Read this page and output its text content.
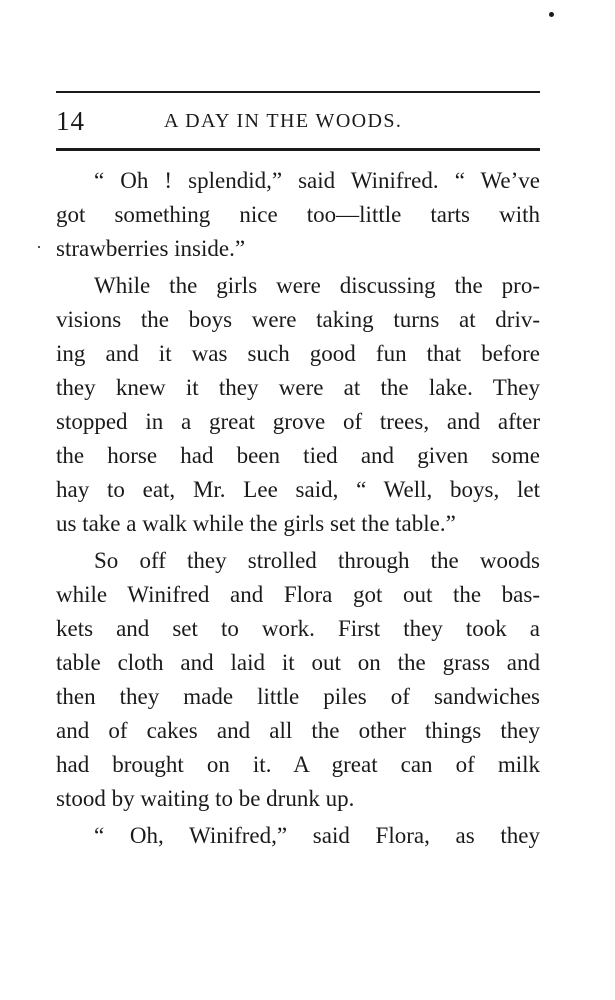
14	A DAY IN THE WOODS.
“ Oh ! splendid,” said Winifred. “ We’ve
got something nice too—little tarts with
strawberries inside.”
While the girls were discussing the pro-
visions the boys were taking turns at driv-
ing and it was such good fun that before
they knew it they were at the lake. They
stopped in a great grove of trees, and after
the horse had been tied and given some
hay to eat, Mr. Lee said, “ Well, boys, let
us take a walk while the girls set the table.”
So off they strolled through the woods
while Winifred and Flora got out the bas-
kets and set to work. First they took a
table cloth and laid it out on the grass and
then they made little piles of sandwiches
and of cakes and all the other things they
had brought on it. A great can of milk
stood by waiting to be drunk up.
“ Oh, Winifred,” said Flora, as they
